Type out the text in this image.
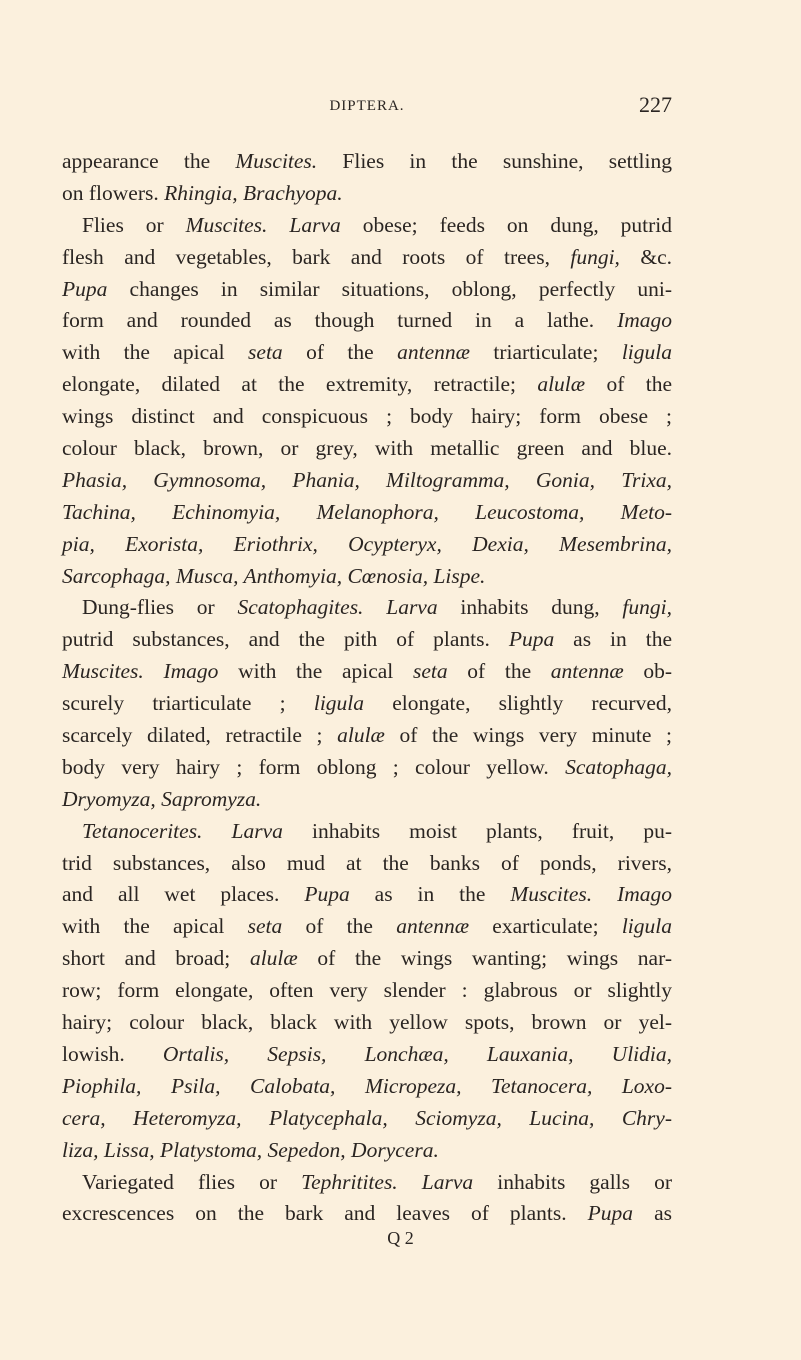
DIPTERA.	227
appearance the Muscites. Flies in the sunshine, settling
on flowers. Rhingia, Brachyopa.
Flies or Muscites. Larva obese; feeds on dung, putrid
flesh and vegetables, bark and roots of trees, fungi, &c.
Pupa changes in similar situations, oblong, perfectly uni-
form and rounded as though turned in a lathe. Imago
with the apical seta of the antennæ triarticulate; ligula
elongate, dilated at the extremity, retractile; alulæ of the
wings distinct and conspicuous ; body hairy; form obese ;
colour black, brown, or grey, with metallic green and blue.
Phasia, Gymnosoma, Phania, Miltogramma, Gonia, Trixa,
Tachina, Echinomyia, Melanophora, Leucostoma, Meto-
pia, Exorista, Eriothrix, Ocypteryx, Dexia, Mesembrina,
Sarcophaga, Musca, Anthomyia, Cœnosia, Lispe.
Dung-flies or Scatophagites. Larva inhabits dung, fungi,
putrid substances, and the pith of plants. Pupa as in the
Muscites. Imago with the apical seta of the antennæ ob-
scurely triarticulate ; ligula elongate, slightly recurved,
scarcely dilated, retractile ; alulæ of the wings very minute ;
body very hairy ; form oblong ; colour yellow. Scatophaga,
Dryomyza, Sapromyza.
Tetanocerites. Larva inhabits moist plants, fruit, pu-
trid substances, also mud at the banks of ponds, rivers,
and all wet places. Pupa as in the Muscites. Imago
with the apical seta of the antennæ exarticulate; ligula
short and broad; alulæ of the wings wanting; wings nar-
row; form elongate, often very slender : glabrous or slightly
hairy; colour black, black with yellow spots, brown or yel-
lowish. Ortalis, Sepsis, Lonchæa, Lauxania, Ulidia,
Piophila, Psila, Calobata, Micropeza, Tetanocera, Loxo-
cera, Heteromyza, Platycephala, Sciomyza, Lucina, Chry-
liza, Lissa, Platystoma, Sepedon, Dorycera.
Variegated flies or Tephritites. Larva inhabits galls or
excrescences on the bark and leaves of plants. Pupa as
Q 2
